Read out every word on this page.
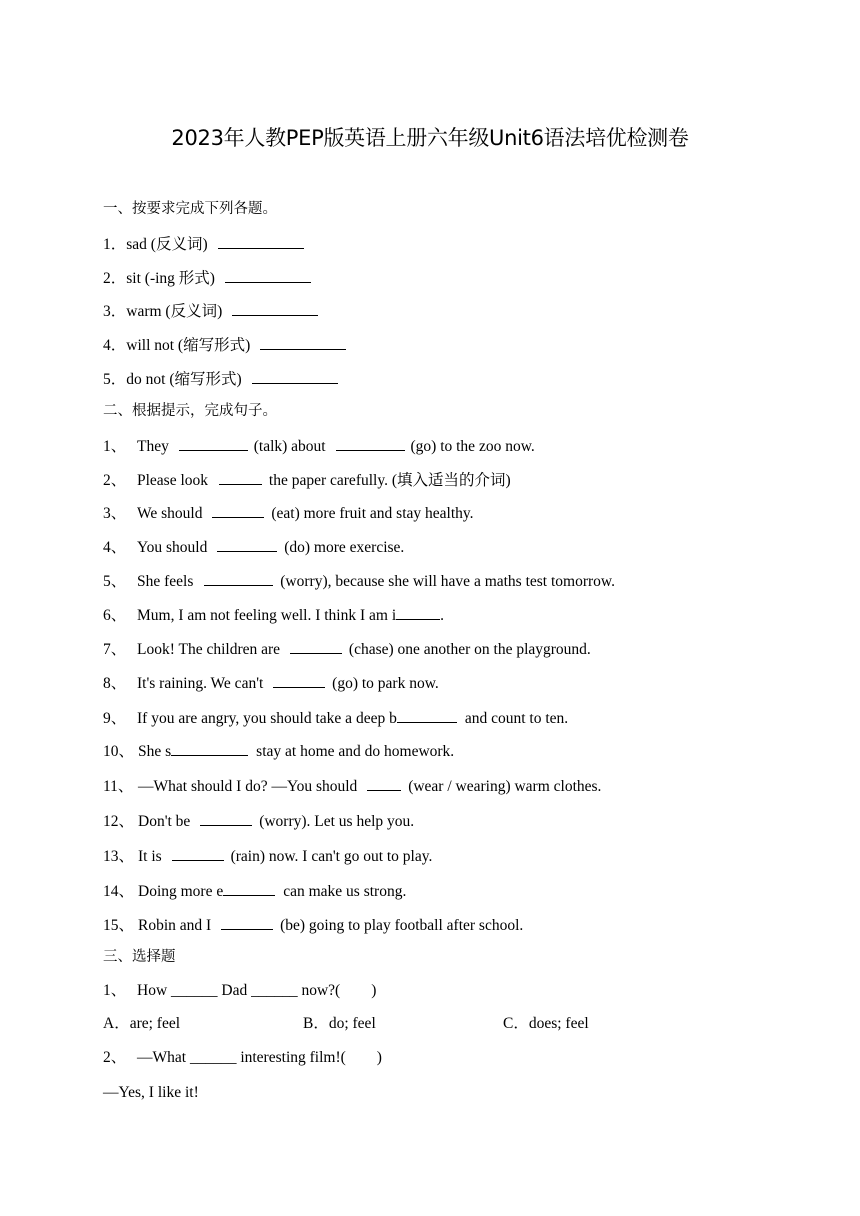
2023年人教PEP版英语上册六年级Unit6语法培优检测卷
一、按要求完成下列各题。
1．sad (反义词)
2．sit (-ing 形式)
3．warm (反义词)
4．will not (缩写形式)
5．do not (缩写形式)
二、根据提示，完成句子。
1、 They	(talk) about	(go) to the zoo now.
2、 Please look	the paper carefully. (填入适当的介词)
3、 We should	(eat) more fruit and stay healthy.
4、 You should	(do) more exercise.
5、 She feels	(worry), because she will have a maths test tomorrow.
6、 Mum, I am not feeling well. I think I am i	.
7、 Look! The children are	(chase) one another on the playground.
8、 It's raining. We can't	(go) to park now.
9、 If you are angry, you should take a deep b	and count to ten.
10、 She s	stay at home and do homework.
11、 —What should I do? —You should	(wear / wearing) warm clothes.
12、 Don't be	(worry). Let us help you.
13、 It is	(rain) now. I can't go out to play.
14、 Doing more e	can make us strong.
15、 Robin and I	(be) going to play football after school.
三、选择题
1、 How ______ Dad ______ now?(　　)
A．are; feel	B．do; feel	C．does; feel
2、 —What ______ interesting film!(　　)
—Yes, I like it!
